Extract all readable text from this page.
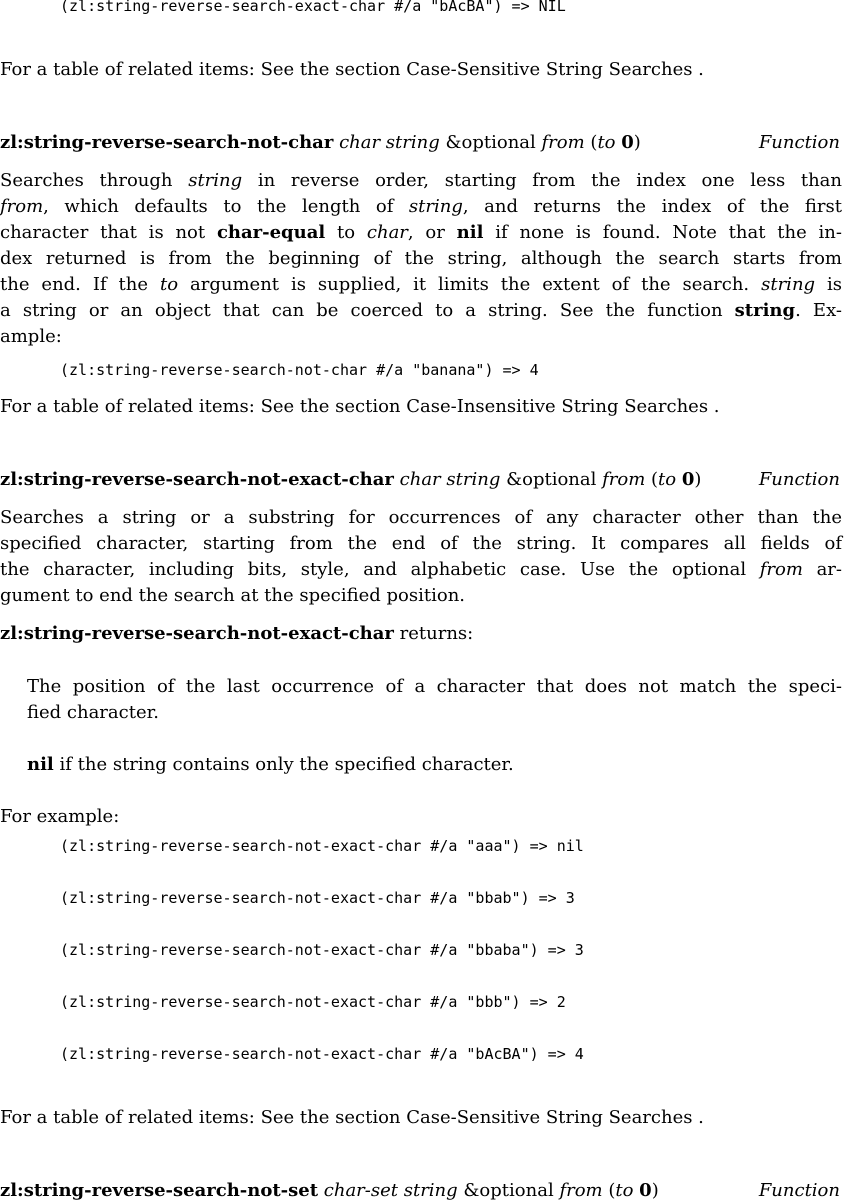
(zl:string-reverse-search-exact-char #/a "bAcBA") => NIL
For a table of related items: See the section Case-Sensitive String Searches .
zl:string-reverse-search-not-char char string &optional from (to 0)	Function
Searches through string in reverse order, starting from the index one less than
from, which defaults to the length of string, and returns the index of the first
character that is not char-equal to char, or nil if none is found. Note that the in-
dex returned is from the beginning of the string, although the search starts from
the end. If the to argument is supplied, it limits the extent of the search. string is
a string or an object that can be coerced to a string. See the function string. Ex-
ample:
(zl:string-reverse-search-not-char #/a "banana") => 4
For a table of related items: See the section Case-Insensitive String Searches .
zl:string-reverse-search-not-exact-char char string &optional from (to 0)	Function
Searches a string or a substring for occurrences of any character other than the
specified character, starting from the end of the string. It compares all fields of
the character, including bits, style, and alphabetic case. Use the optional from ar-
gument to end the search at the specified position.
zl:string-reverse-search-not-exact-char returns:
The position of the last occurrence of a character that does not match the speci-
fied character.
nil if the string contains only the specified character.
For example:
(zl:string-reverse-search-not-exact-char #/a "aaa") => nil
(zl:string-reverse-search-not-exact-char #/a "bbab") => 3
(zl:string-reverse-search-not-exact-char #/a "bbaba") => 3
(zl:string-reverse-search-not-exact-char #/a "bbb") => 2
(zl:string-reverse-search-not-exact-char #/a "bAcBA") => 4
For a table of related items: See the section Case-Sensitive String Searches .
zl:string-reverse-search-not-set char-set string &optional from (to 0)	Function
